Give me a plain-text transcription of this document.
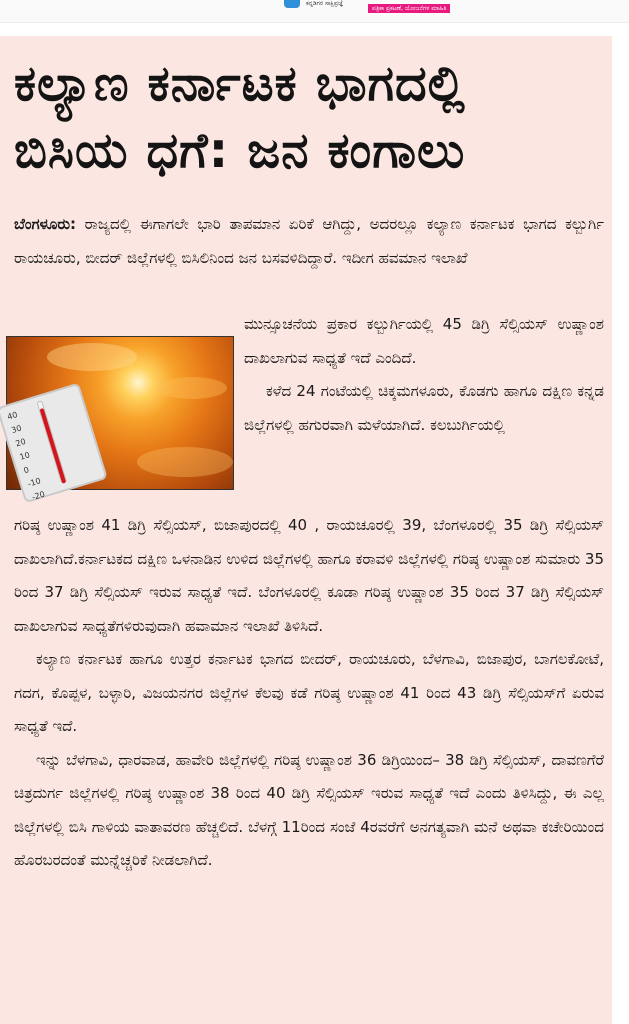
ಕನ್ನಡಿಗರ ಸಾಕ್ಷಿಪ್ರಜ್ಞೆ
ಪತ್ರಿಕಾ ಪ್ರಕಟಣೆ, ಯೋಜನೆಗಳ ಮಾಹಿತಿ
ಕಲ್ಯಾಣ ಕರ್ನಾಟಕ ಭಾಗದಲ್ಲಿ ಬಿಸಿಯ ಧಗೆ: ಜನ ಕಂಗಾಲು
40
30
20
10
0
-10
-20

ಬೆಂಗಳೂರು: ರಾಜ್ಯದಲ್ಲಿ ಈಗಾಗಲೇ ಭಾರಿ ತಾಪಮಾನ ಏರಿಕೆ ಆಗಿದ್ದು, ಅದರಲ್ಲೂ ಕಲ್ಯಾಣ ಕರ್ನಾಟಕ ಭಾಗದ ಕಲ್ಬುರ್ಗಿ ರಾಯಚೂರು, ಬೀದರ್ ಜಿಲ್ಲೆಗಳಲ್ಲಿ ಬಿಸಿಲಿನಿಂದ ಜನ ಬಸವಳಿದಿದ್ದಾರೆ. ಇದೀಗ ಹವಮಾನ ಇಲಾಖೆ

ಮುನ್ಸೂಚನೆಯ ಪ್ರಕಾರ ಕಲ್ಬುರ್ಗಿಯಲ್ಲಿ 45 ಡಿಗ್ರಿ ಸೆಲ್ಸಿಯಸ್ ಉಷ್ಣಾಂಶ ದಾಖಲಾಗುವ ಸಾಧ್ಯತೆ ಇದೆ ಎಂದಿದೆ.

ಕಳೆದ 24 ಗಂಟೆಯಲ್ಲಿ ಚಿಕ್ಕಮಗಳೂರು, ಕೊಡಗು ಹಾಗೂ ದಕ್ಷಿಣ ಕನ್ನಡ ಜಿಲ್ಲೆಗಳಲ್ಲಿ ಹಗುರವಾಗಿ ಮಳೆಯಾಗಿದೆ. ಕಲಬುರ್ಗಿಯಲ್ಲಿ

ಗರಿಷ್ಠ ಉಷ್ಣಾಂಶ 41 ಡಿಗ್ರಿ ಸೆಲ್ಸಿಯಸ್, ಬಿಜಾಪುರದಲ್ಲಿ 40 , ರಾಯಚೂರಲ್ಲಿ 39, ಬೆಂಗಳೂರಲ್ಲಿ 35 ಡಿಗ್ರಿ ಸೆಲ್ಸಿಯಸ್ ದಾಖಲಾಗಿದೆ.ಕರ್ನಾಟಕದ ದಕ್ಷಿಣ ಒಳನಾಡಿನ ಉಳಿದ ಜಿಲ್ಲೆಗಳಲ್ಲಿ ಹಾಗೂ ಕರಾವಳಿ ಜಿಲ್ಲೆಗಳಲ್ಲಿ ಗರಿಷ್ಠ ಉಷ್ಣಾಂಶ ಸುಮಾರು 35 ರಿಂದ 37 ಡಿಗ್ರಿ ಸೆಲ್ಸಿಯಸ್ ಇರುವ ಸಾಧ್ಯತೆ ಇದೆ. ಬೆಂಗಳೂರಲ್ಲಿ ಕೂಡಾ ಗರಿಷ್ಠ ಉಷ್ಣಾಂಶ 35 ರಿಂದ 37 ಡಿಗ್ರಿ ಸೆಲ್ಸಿಯಸ್ ದಾಖಲಾಗುವ ಸಾಧ್ಯತೆಗಳಿರುವುದಾಗಿ ಹವಾಮಾನ ಇಲಾಖೆ ತಿಳಿಸಿದೆ.

ಕಲ್ಯಾಣ ಕರ್ನಾಟಕ ಹಾಗೂ ಉತ್ತರ ಕರ್ನಾಟಕ ಭಾಗದ ಬೀದರ್, ರಾಯಚೂರು, ಬೆಳಗಾವಿ, ಬಿಜಾಪುರ, ಬಾಗಲಕೋಟೆ, ಗದಗ, ಕೊಪ್ಪಳ, ಬಳ್ಳಾರಿ, ವಿಜಯನಗರ ಜಿಲ್ಲೆಗಳ ಕೆಲವು ಕಡೆ ಗರಿಷ್ಠ ಉಷ್ಣಾಂಶ 41 ರಿಂದ 43 ಡಿಗ್ರಿ ಸೆಲ್ಸಿಯಸ್‌ಗೆ ಏರುವ ಸಾಧ್ಯತೆ ಇದೆ.

ಇನ್ನು ಬೆಳಗಾವಿ, ಧಾರವಾಡ, ಹಾವೇರಿ ಜಿಲ್ಲೆಗಳಲ್ಲಿ ಗರಿಷ್ಠ ಉಷ್ಣಾಂಶ 36 ಡಿಗ್ರಿಯಿಂದ– 38 ಡಿಗ್ರಿ ಸೆಲ್ಸಿಯಸ್, ದಾವಣಗೆರೆ ಚಿತ್ರದುರ್ಗ ಜಿಲ್ಲೆಗಳಲ್ಲಿ ಗರಿಷ್ಠ ಉಷ್ಣಾಂಶ 38 ರಿಂದ 40 ಡಿಗ್ರಿ ಸೆಲ್ಸಿಯಸ್ ಇರುವ ಸಾಧ್ಯತೆ ಇದೆ ಎಂದು ತಿಳಿಸಿದ್ದು, ಈ ಎಲ್ಲ ಜಿಲ್ಲೆಗಳಲ್ಲಿ ಬಿಸಿ ಗಾಳಿಯ ವಾತಾವರಣ ಹೆಚ್ಚಲಿದೆ. ಬೆಳಗ್ಗೆ 11ರಿಂದ ಸಂಜೆ 4ರವರೆಗೆ ಅನಗತ್ಯವಾಗಿ ಮನೆ ಅಥವಾ ಕಚೇರಿಯಿಂದ ಹೊರಬರದಂತೆ ಮುನ್ನೆಚ್ಚರಿಕೆ ನೀಡಲಾಗಿದೆ.
